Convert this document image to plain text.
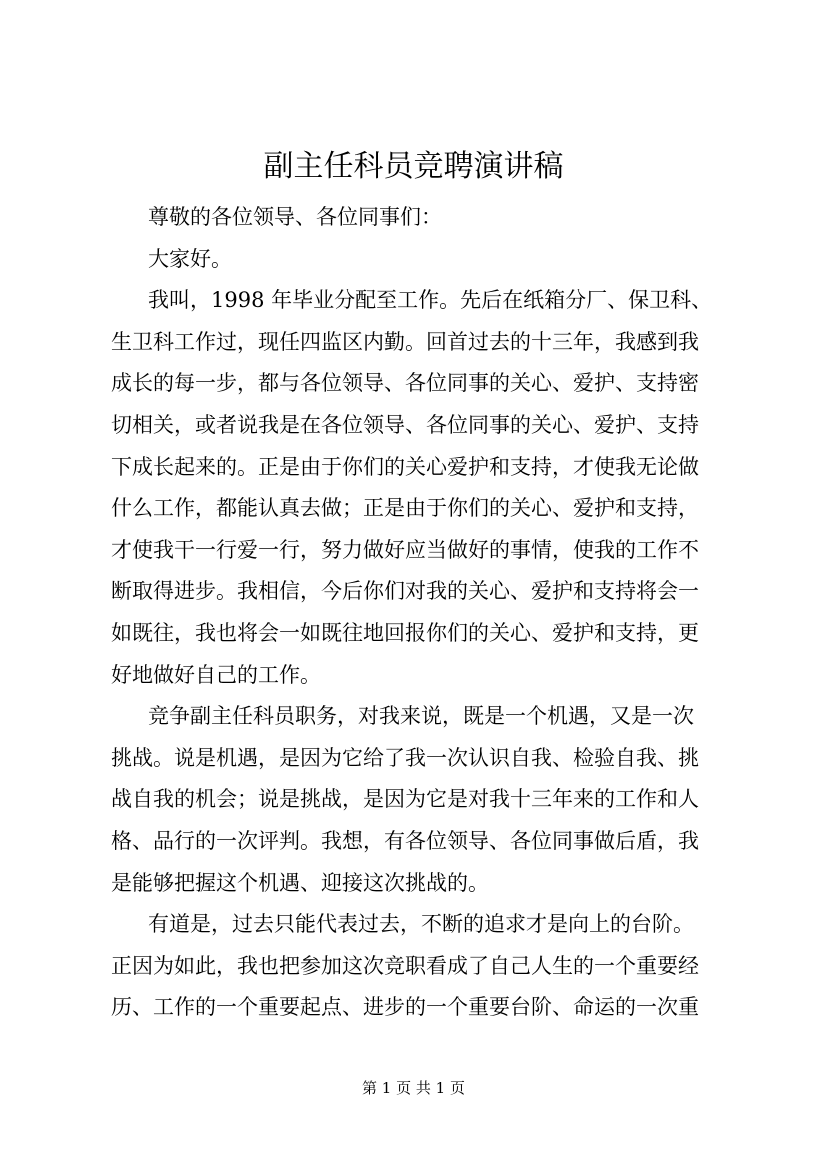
副主任科员竞聘演讲稿
尊敬的各位领导、各位同事们：
大家好。
我叫，1998 年毕业分配至工作。先后在纸箱分厂、保卫科、
生卫科工作过，现任四监区内勤。回首过去的十三年，我感到我
成长的每一步，都与各位领导、各位同事的关心、爱护、支持密
切相关，或者说我是在各位领导、各位同事的关心、爱护、支持
下成长起来的。正是由于你们的关心爱护和支持，才使我无论做
什么工作，都能认真去做；正是由于你们的关心、爱护和支持，
才使我干一行爱一行，努力做好应当做好的事情，使我的工作不
断取得进步。我相信，今后你们对我的关心、爱护和支持将会一
如既往，我也将会一如既往地回报你们的关心、爱护和支持，更
好地做好自己的工作。
竞争副主任科员职务，对我来说，既是一个机遇，又是一次
挑战。说是机遇，是因为它给了我一次认识自我、检验自我、挑
战自我的机会；说是挑战，是因为它是对我十三年来的工作和人
格、品行的一次评判。我想，有各位领导、各位同事做后盾，我
是能够把握这个机遇、迎接这次挑战的。
有道是，过去只能代表过去，不断的追求才是向上的台阶。
正因为如此，我也把参加这次竞职看成了自己人生的一个重要经
历、工作的一个重要起点、进步的一个重要台阶、命运的一次重
第 1 页 共 1 页
